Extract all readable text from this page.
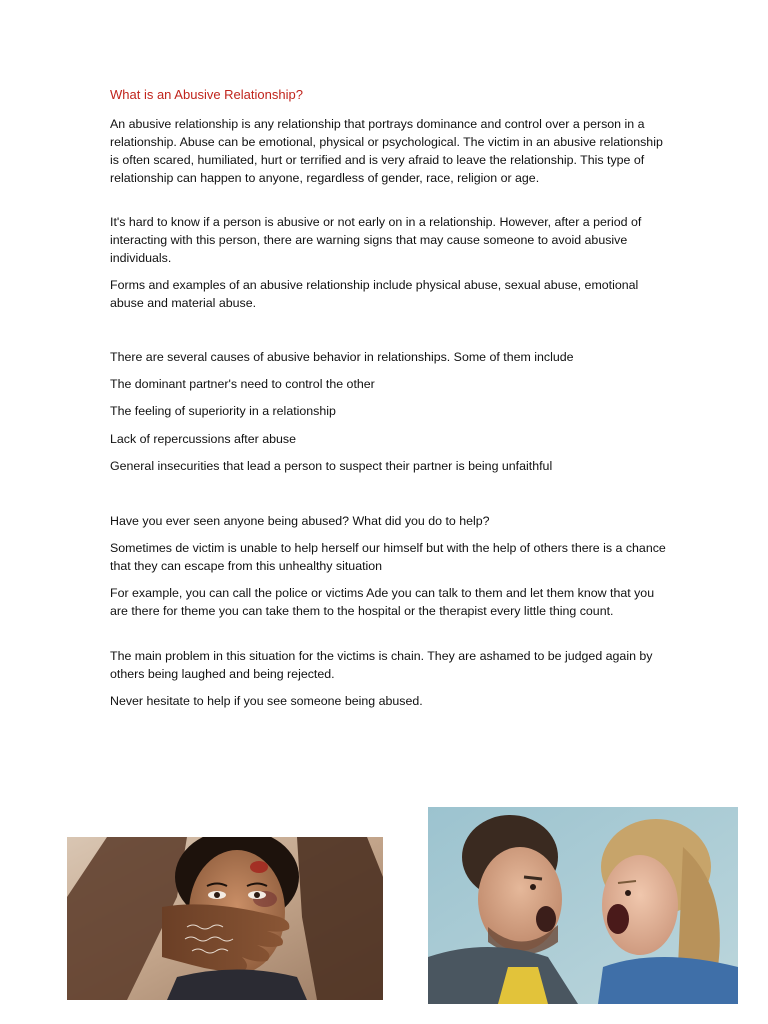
What is an Abusive Relationship?

An abusive relationship is any relationship that portrays dominance and control over a person in a relationship. Abuse can be emotional, physical or psychological. The victim in an abusive relationship is often scared, humiliated, hurt or terrified and is very afraid to leave the relationship. This type of relationship can happen to anyone, regardless of gender, race, religion or age.

It's hard to know if a person is abusive or not early on in a relationship. However, after a period of interacting with this person, there are warning signs that may cause someone to avoid abusive individuals.

Forms and examples of an abusive relationship include physical abuse, sexual abuse, emotional abuse and material abuse.

There are several causes of abusive behavior in relationships. Some of them include

The dominant partner's need to control the other

The feeling of superiority in a relationship

Lack of repercussions after abuse

General insecurities that lead a person to suspect their partner is being unfaithful

Have you ever seen anyone being abused? What did you do to help?

Sometimes de victim is unable to help herself our himself but with the help of others there is a chance that they can escape from this unhealthy situation

For example, you can call the police or victims Ade you can talk to them and let them know that you are there for theme you can take them to the hospital or the therapist every little thing count.

The main problem in this situation for the victims is chain. They are ashamed to be judged again by others being laughed and being rejected.

Never hesitate to help if you see someone being abused.
